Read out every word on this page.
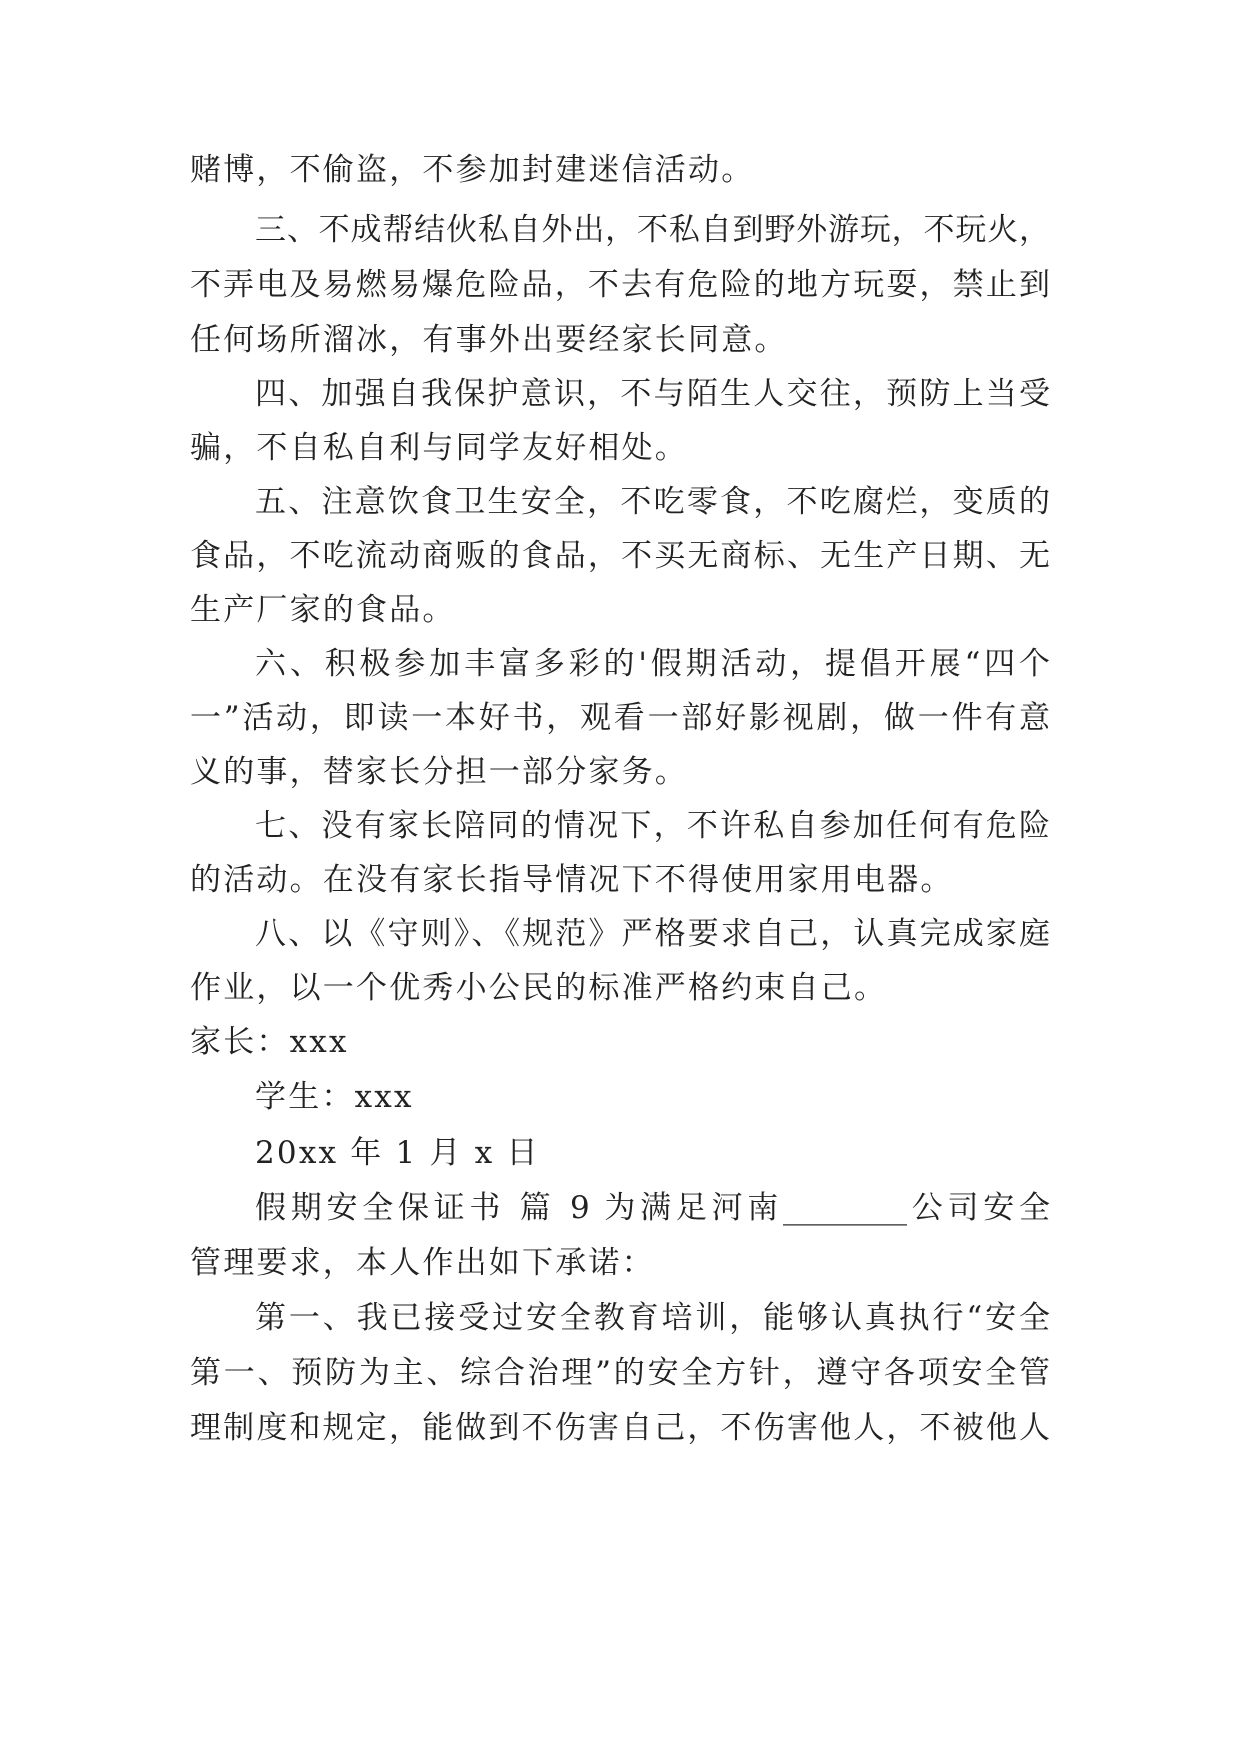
赌博，不偷盗，不参加封建迷信活动。
三、不成帮结伙私自外出，不私自到野外游玩，不玩火，
不弄电及易燃易爆危险品，不去有危险的地方玩耍，禁止到
任何场所溜冰，有事外出要经家长同意。
四、加强自我保护意识，不与陌生人交往，预防上当受
骗，不自私自利与同学友好相处。
五、注意饮食卫生安全，不吃零食，不吃腐烂，变质的
食品，不吃流动商贩的食品，不买无商标、无生产日期、无
生产厂家的食品。
六、积极参加丰富多彩的'假期活动，提倡开展“四个
一”活动，即读一本好书，观看一部好影视剧，做一件有意
义的事，替家长分担一部分家务。
七、没有家长陪同的情况下，不许私自参加任何有危险
的活动。在没有家长指导情况下不得使用家用电器。
八、以《守则》、《规范》严格要求自己，认真完成家庭
作业，以一个优秀小公民的标准严格约束自己。
家长：xxx
学生：xxx
20xx 年 1 月 x 日
假期安全保证书 篇 9 为满足河南________公司安全
管理要求，本人作出如下承诺：
第一、我已接受过安全教育培训，能够认真执行“安全
第一、预防为主、综合治理”的安全方针，遵守各项安全管
理制度和规定，能做到不伤害自己，不伤害他人，不被他人
